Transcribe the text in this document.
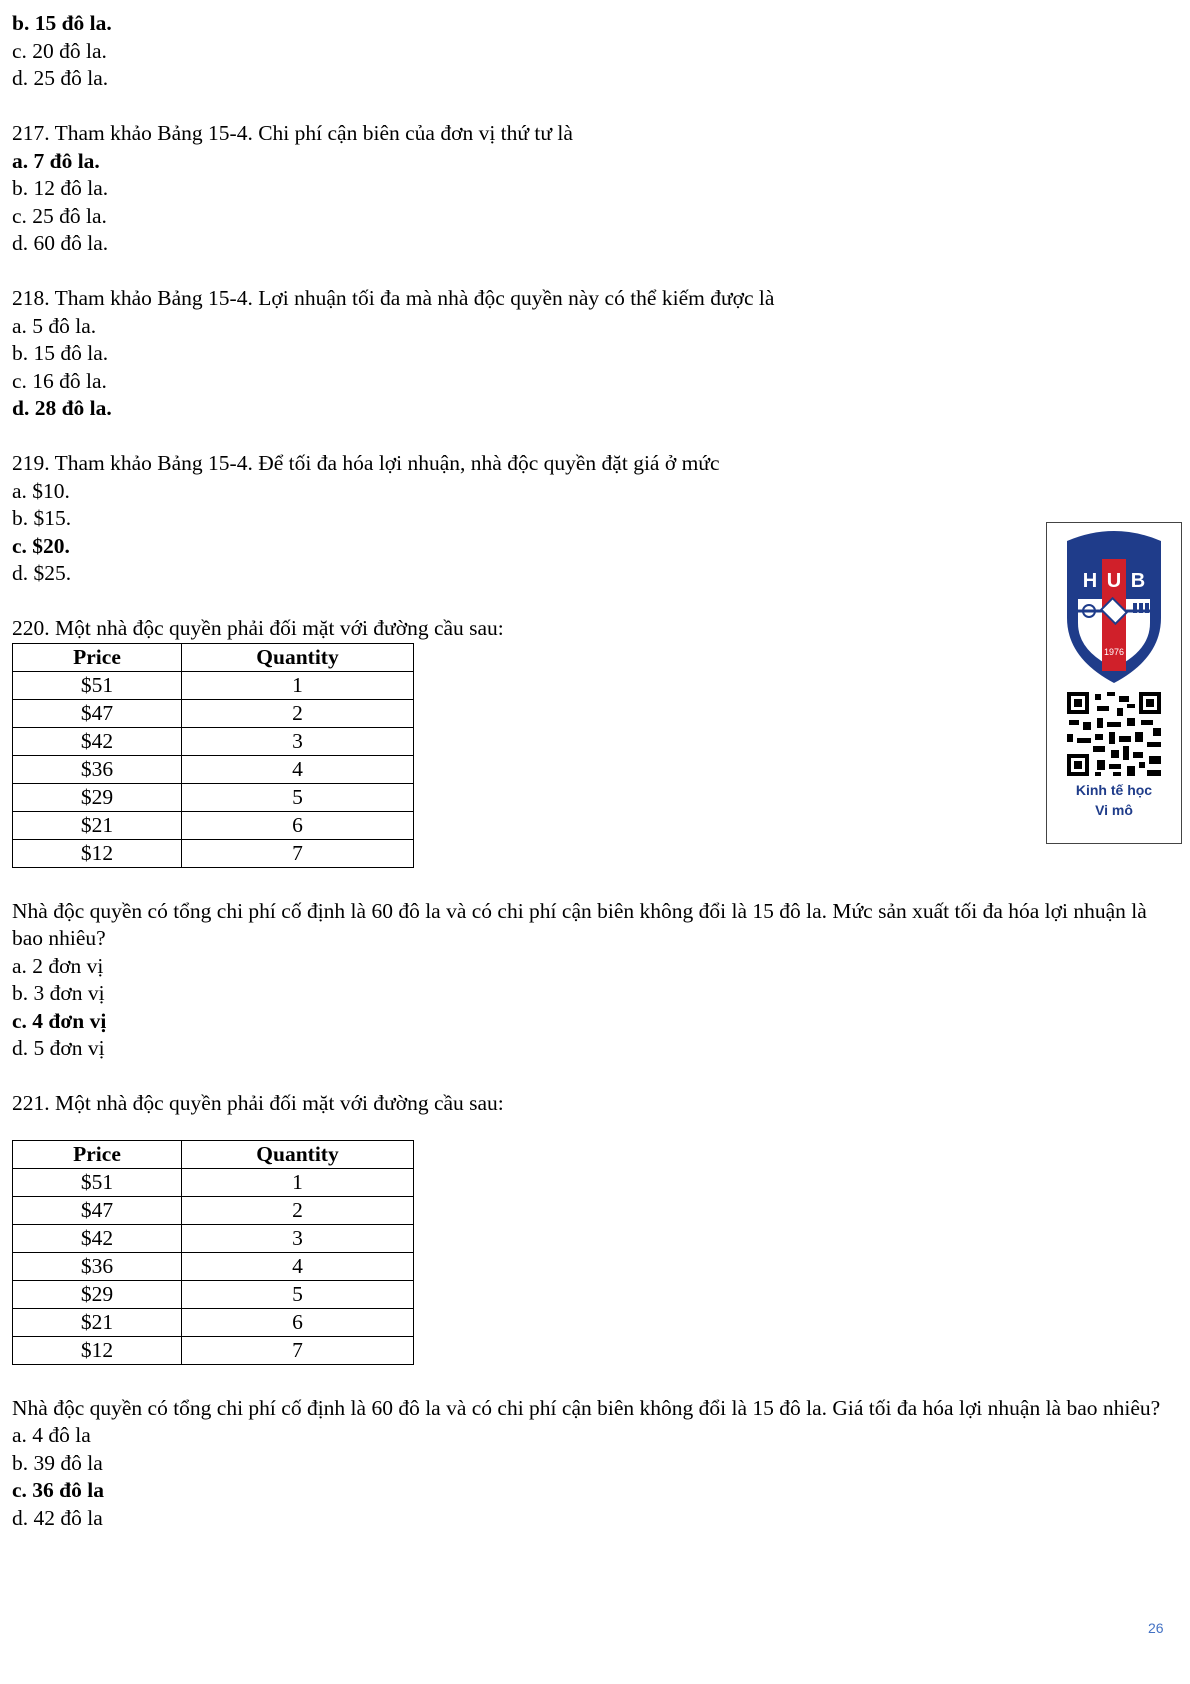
b. 15 đô la.
c. 20 đô la.
d. 25 đô la.
217. Tham khảo Bảng 15-4. Chi phí cận biên của đơn vị thứ tư là
a. 7 đô la.
b. 12 đô la.
c. 25 đô la.
d. 60 đô la.
218. Tham khảo Bảng 15-4. Lợi nhuận tối đa mà nhà độc quyền này có thể kiếm được là
a. 5 đô la.
b. 15 đô la.
c. 16 đô la.
d. 28 đô la.
219. Tham khảo Bảng 15-4. Để tối đa hóa lợi nhuận, nhà độc quyền đặt giá ở mức
a. $10.
b. $15.
c. $20.
d. $25.
220. Một nhà độc quyền phải đối mặt với đường cầu sau:
Price	Quantity
$51	1
$47	2
$42	3
$36	4
$29	5
$21	6
$12	7
Nhà độc quyền có tổng chi phí cố định là 60 đô la và có chi phí cận biên không đổi là 15 đô la. Mức sản xuất tối đa hóa lợi nhuận là bao nhiêu?
a. 2 đơn vị
b. 3 đơn vị
c. 4 đơn vị
d. 5 đơn vị
221. Một nhà độc quyền phải đối mặt với đường cầu sau:
Price	Quantity
$51	1
$47	2
$42	3
$36	4
$29	5
$21	6
$12	7
Nhà độc quyền có tổng chi phí cố định là 60 đô la và có chi phí cận biên không đổi là 15 đô la. Giá tối đa hóa lợi nhuận là bao nhiêu?
a. 4 đô la
b. 39 đô la
c. 36 đô la
d. 42 đô la
H U B
1976
Kinh tế học
Vi mô
26
